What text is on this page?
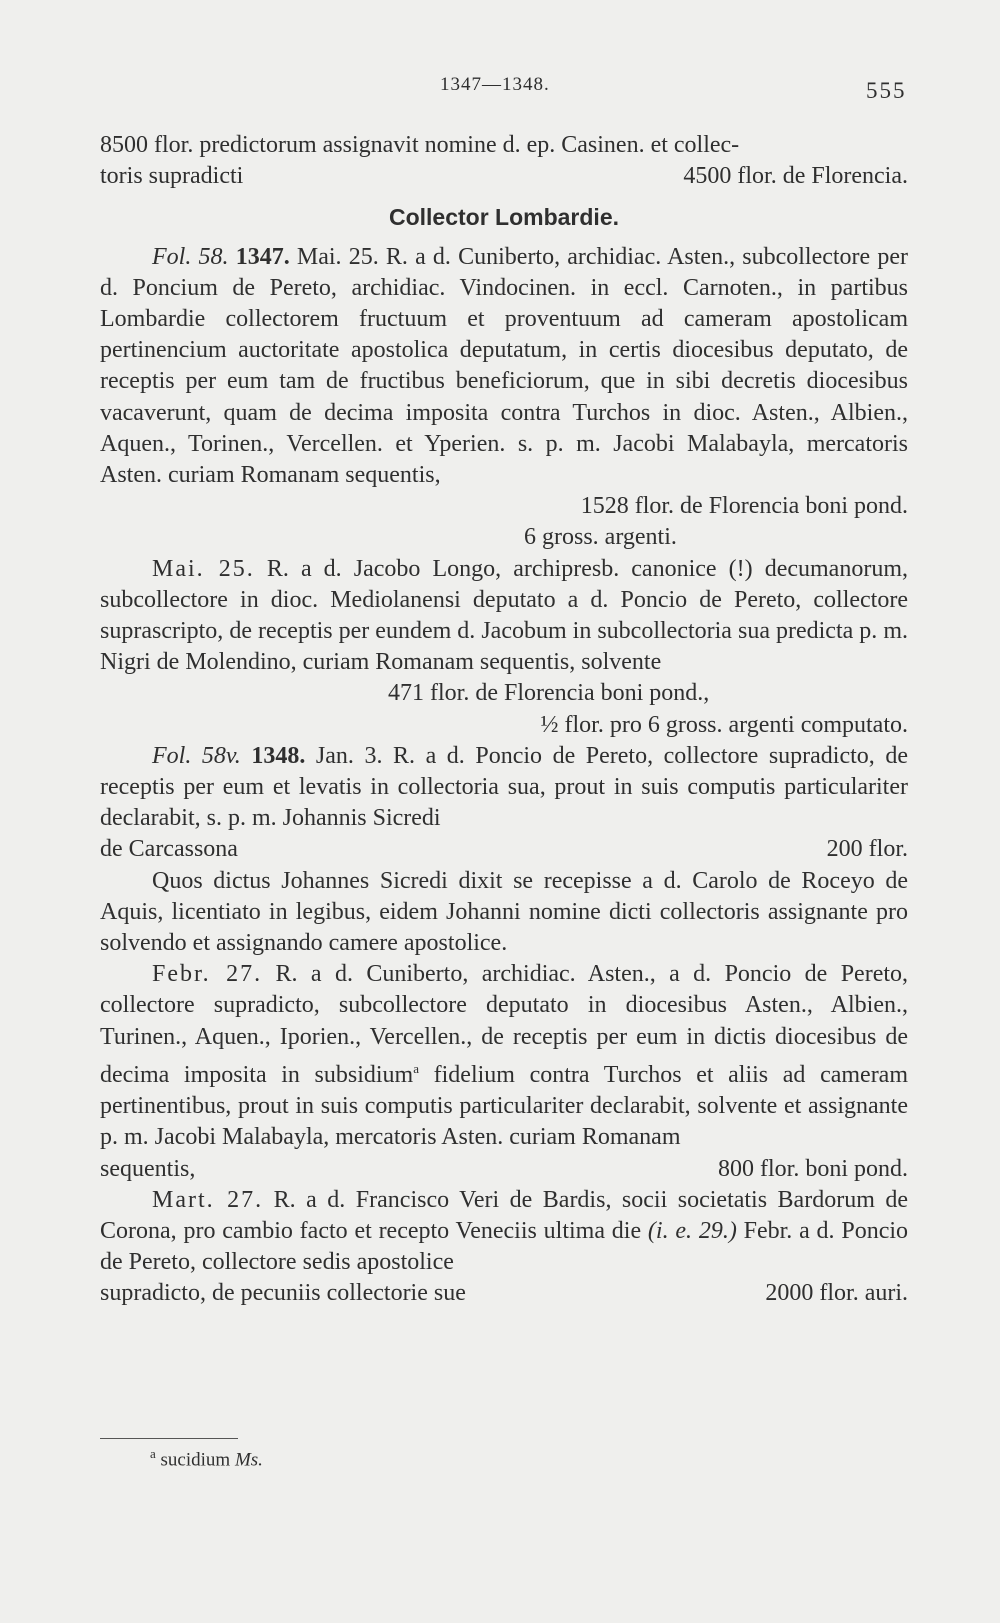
1347—1348.	555
8500 flor. predictorum assignavit nomine d. ep. Casinen. et collec-
toris supradicti	4500 flor. de Florencia.
Collector Lombardie.
Fol. 58. 1347. Mai. 25. R. a d. Cuniberto, archidiac. Asten., subcollectore per d. Poncium de Pereto, archidiac. Vindocinen. in eccl. Carnoten., in partibus Lombardie collectorem fructuum et proventuum ad cameram apostolicam pertinencium auctoritate apostolica deputatum, in certis diocesibus deputato, de receptis per eum tam de fructibus beneficiorum, que in sibi decretis diocesibus vacaverunt, quam de decima imposita contra Turchos in dioc. Asten., Albien., Aquen., Torinen., Vercellen. et Yperien. s. p. m. Jacobi Malabayla, mercatoris Asten. curiam Romanam sequentis,
1528 flor. de Florencia boni pond.
6 gross. argenti.
Mai. 25. R. a d. Jacobo Longo, archipresb. canonice (!) decumanorum, subcollectore in dioc. Mediolanensi deputato a d. Poncio de Pereto, collectore suprascripto, de receptis per eundem d. Jacobum in subcollectoria sua predicta p. m. Nigri de Molendino, curiam Romanam sequentis, solvente
471 flor. de Florencia boni pond.,
½ flor. pro 6 gross. argenti computato.
Fol. 58v. 1348. Jan. 3. R. a d. Poncio de Pereto, collectore supradicto, de receptis per eum et levatis in collectoria sua, prout in suis computis particulariter declarabit, s. p. m. Johannis Sicredi
de Carcassona	200 flor.
Quos dictus Johannes Sicredi dixit se recepisse a d. Carolo de Roceyo de Aquis, licentiato in legibus, eidem Johanni nomine dicti collectoris assignante pro solvendo et assignando camere apostolice.
Febr. 27. R. a d. Cuniberto, archidiac. Asten., a d. Poncio de Pereto, collectore supradicto, subcollectore deputato in diocesibus Asten., Albien., Turinen., Aquen., Iporien., Vercellen., de receptis per eum in dictis diocesibus de decima imposita in subsidium$^a$ fidelium contra Turchos et aliis ad cameram pertinentibus, prout in suis computis particulariter declarabit, solvente et assignante p. m. Jacobi Malabayla, mercatoris Asten. curiam Romanam
sequentis,	800 flor. boni pond.
Mart. 27. R. a d. Francisco Veri de Bardis, socii societatis Bardorum de Corona, pro cambio facto et recepto Veneciis ultima die (i. e. 29.) Febr. a d. Poncio de Pereto, collectore sedis apostolice
supradicto, de pecuniis collectorie sue	2000 flor. auri.
$^a$ sucidium Ms.
